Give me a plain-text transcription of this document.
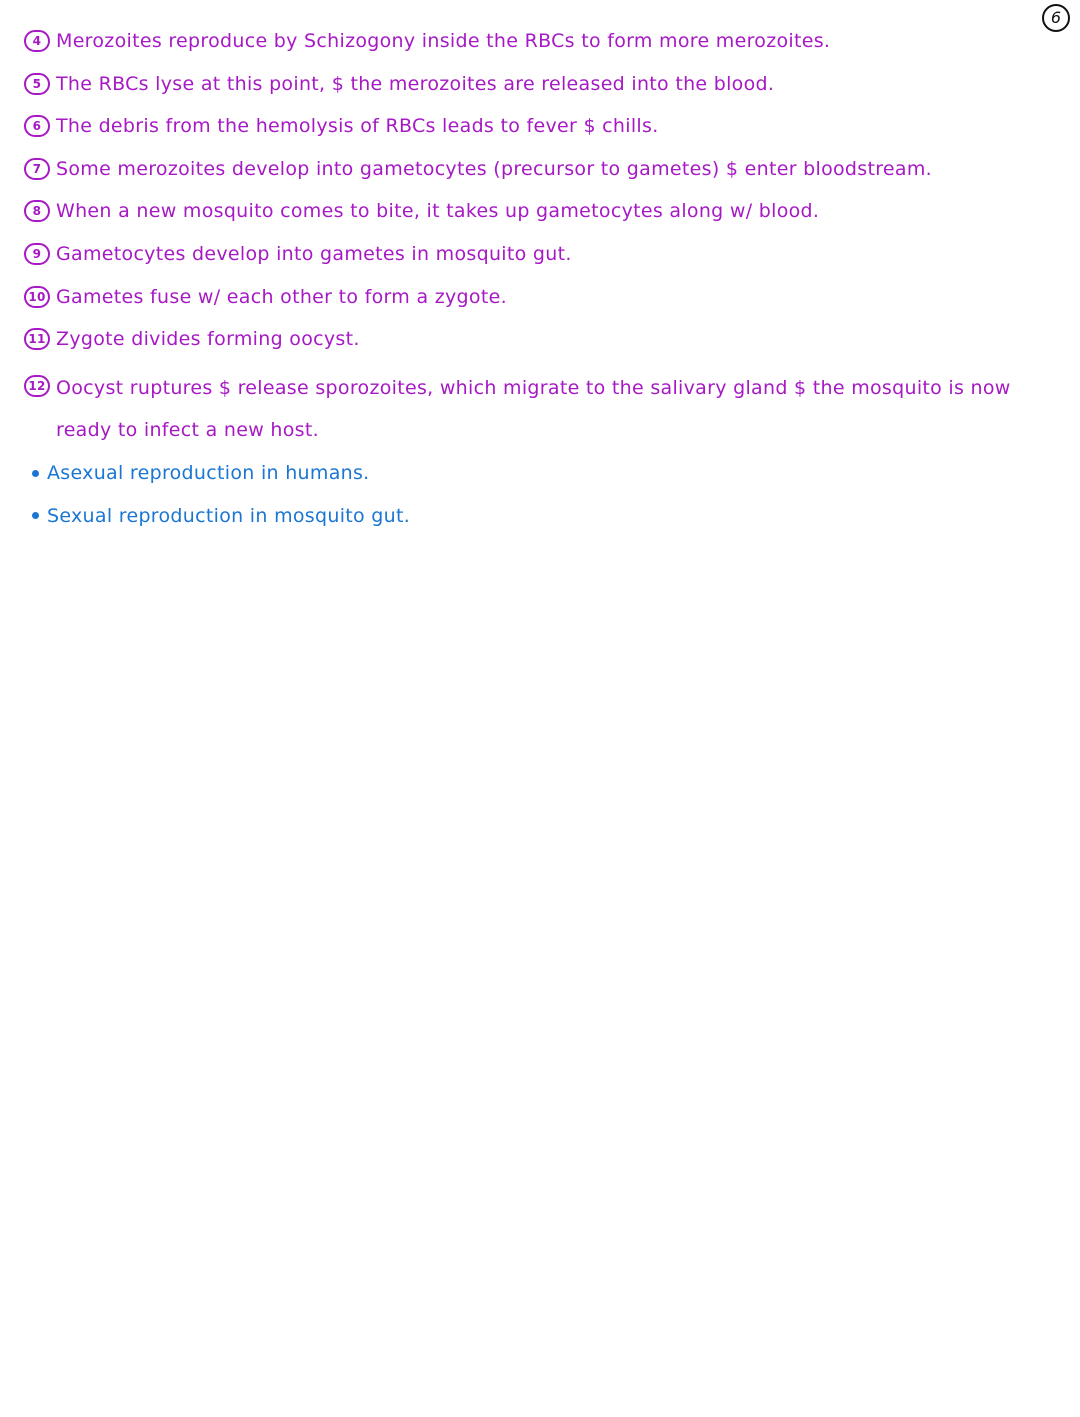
6
4 Merozoites reproduce by Schizogony inside the RBCs to form more merozoites.
5 The RBCs lyse at this point, $ the merozoites are released into the blood.
6 The debris from the hemolysis of RBCs leads to fever $ chills.
7 Some merozoites develop into gametocytes (precursor to gametes) $ enter bloodstream.
8 When a new mosquito comes to bite, it takes up gametocytes along w/ blood.
9 Gametocytes develop into gametes in mosquito gut.
10 Gametes fuse w/ each other to form a zygote.
11 Zygote divides forming oocyst.
12 Oocyst ruptures $ release sporozoites, which migrate to the salivary gland $ the mosquito is now ready to infect a new host.
Asexual reproduction in humans.
Sexual reproduction in mosquito gut.
